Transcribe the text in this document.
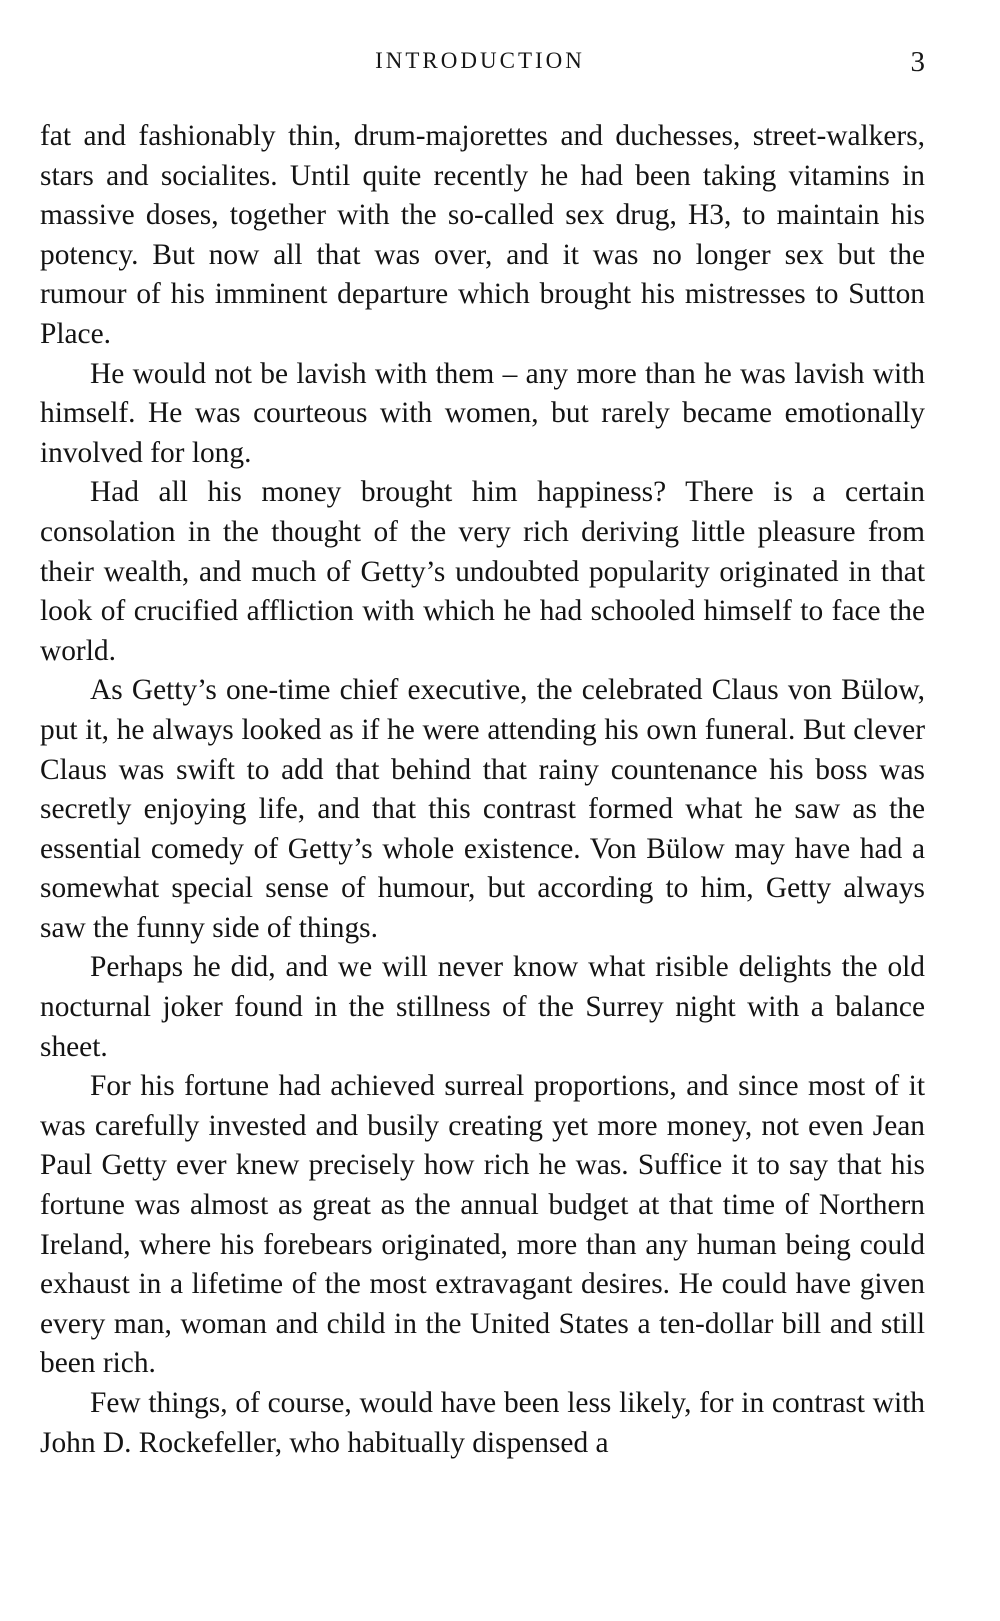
INTRODUCTION	3

fat and fashionably thin, drum-majorettes and duchesses, street-walkers, stars and socialites. Until quite recently he had been taking vitamins in massive doses, together with the so-called sex drug, H3, to maintain his potency. But now all that was over, and it was no longer sex but the rumour of his imminent departure which brought his mistresses to Sutton Place.

He would not be lavish with them – any more than he was lavish with himself. He was courteous with women, but rarely became emotionally involved for long.

Had all his money brought him happiness? There is a certain consolation in the thought of the very rich deriving little pleasure from their wealth, and much of Getty’s undoubted popularity originated in that look of crucified affliction with which he had schooled himself to face the world.

As Getty’s one-time chief executive, the celebrated Claus von Bülow, put it, he always looked as if he were attending his own funeral. But clever Claus was swift to add that behind that rainy countenance his boss was secretly enjoying life, and that this contrast formed what he saw as the essential comedy of Getty’s whole existence. Von Bülow may have had a somewhat special sense of humour, but according to him, Getty always saw the funny side of things.

Perhaps he did, and we will never know what risible delights the old nocturnal joker found in the stillness of the Surrey night with a balance sheet.

For his fortune had achieved surreal proportions, and since most of it was carefully invested and busily creating yet more money, not even Jean Paul Getty ever knew precisely how rich he was. Suffice it to say that his fortune was almost as great as the annual budget at that time of Northern Ireland, where his forebears originated, more than any human being could exhaust in a lifetime of the most extravagant desires. He could have given every man, woman and child in the United States a ten-dollar bill and still been rich.

Few things, of course, would have been less likely, for in contrast with John D. Rockefeller, who habitually dispensed a
